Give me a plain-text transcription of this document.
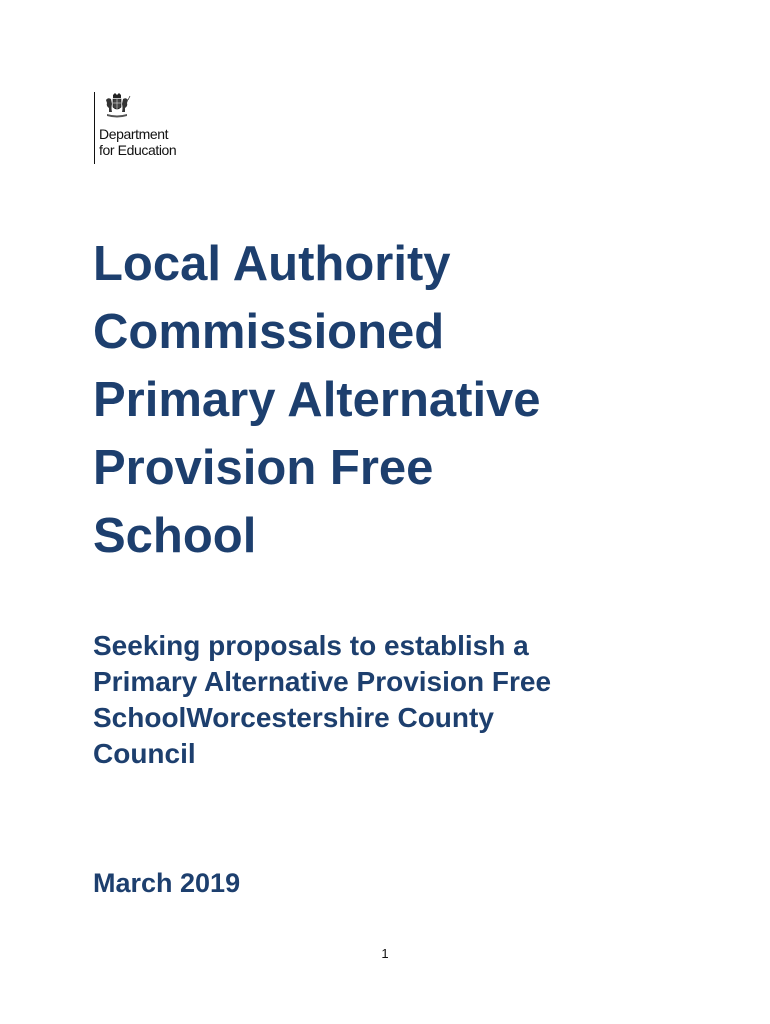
Department
for Education
Local Authority
Commissioned
Primary Alternative
Provision Free
School
Seeking proposals to establish a
Primary Alternative Provision Free
SchoolWorcestershire County
Council
March 2019
1
